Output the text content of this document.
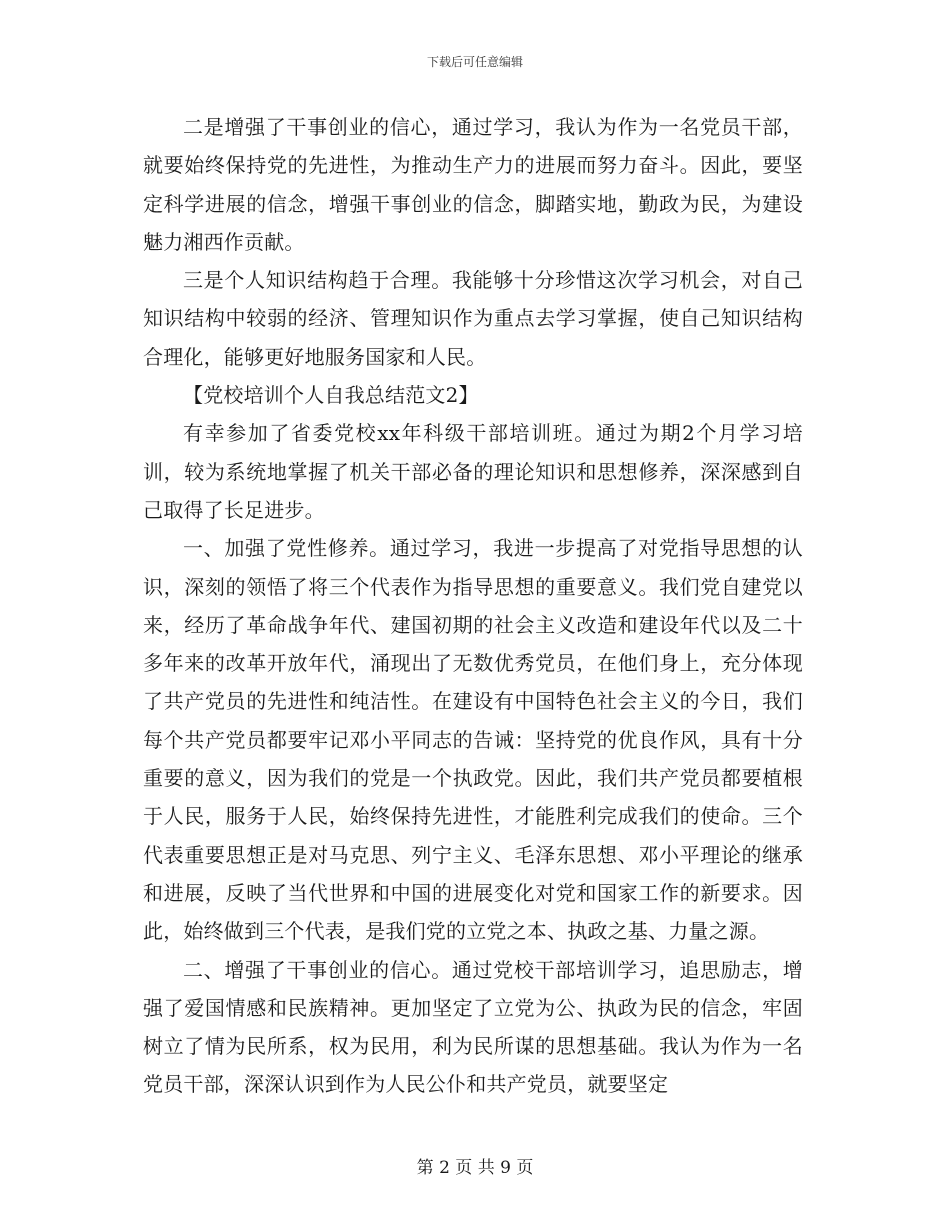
下载后可任意编辑

二是增强了干事创业的信心，通过学习，我认为作为一名党员干部，就要始终保持党的先进性，为推动生产力的进展而努力奋斗。因此，要坚定科学进展的信念，增强干事创业的信念，脚踏实地，勤政为民，为建设魅力湘西作贡献。

三是个人知识结构趋于合理。我能够十分珍惜这次学习机会，对自己知识结构中较弱的经济、管理知识作为重点去学习掌握，使自己知识结构合理化，能够更好地服务国家和人民。

【党校培训个人自我总结范文2】

有幸参加了省委党校xx年科级干部培训班。通过为期2个月学习培训，较为系统地掌握了机关干部必备的理论知识和思想修养，深深感到自己取得了长足进步。

一、加强了党性修养。通过学习，我进一步提高了对党指导思想的认识，深刻的领悟了将三个代表作为指导思想的重要意义。我们党自建党以来，经历了革命战争年代、建国初期的社会主义改造和建设年代以及二十多年来的改革开放年代，涌现出了无数优秀党员，在他们身上，充分体现了共产党员的先进性和纯洁性。在建设有中国特色社会主义的今日，我们每个共产党员都要牢记邓小平同志的告诫：坚持党的优良作风，具有十分重要的意义，因为我们的党是一个执政党。因此，我们共产党员都要植根于人民，服务于人民，始终保持先进性，才能胜利完成我们的使命。三个代表重要思想正是对马克思、列宁主义、毛泽东思想、邓小平理论的继承和进展，反映了当代世界和中国的进展变化对党和国家工作的新要求。因此，始终做到三个代表，是我们党的立党之本、执政之基、力量之源。

二、增强了干事创业的信心。通过党校干部培训学习，追思励志，增强了爱国情感和民族精神。更加坚定了立党为公、执政为民的信念，牢固树立了情为民所系，权为民用，利为民所谋的思想基础。我认为作为一名党员干部，深深认识到作为人民公仆和共产党员，就要坚定

第 2 页 共 9 页
